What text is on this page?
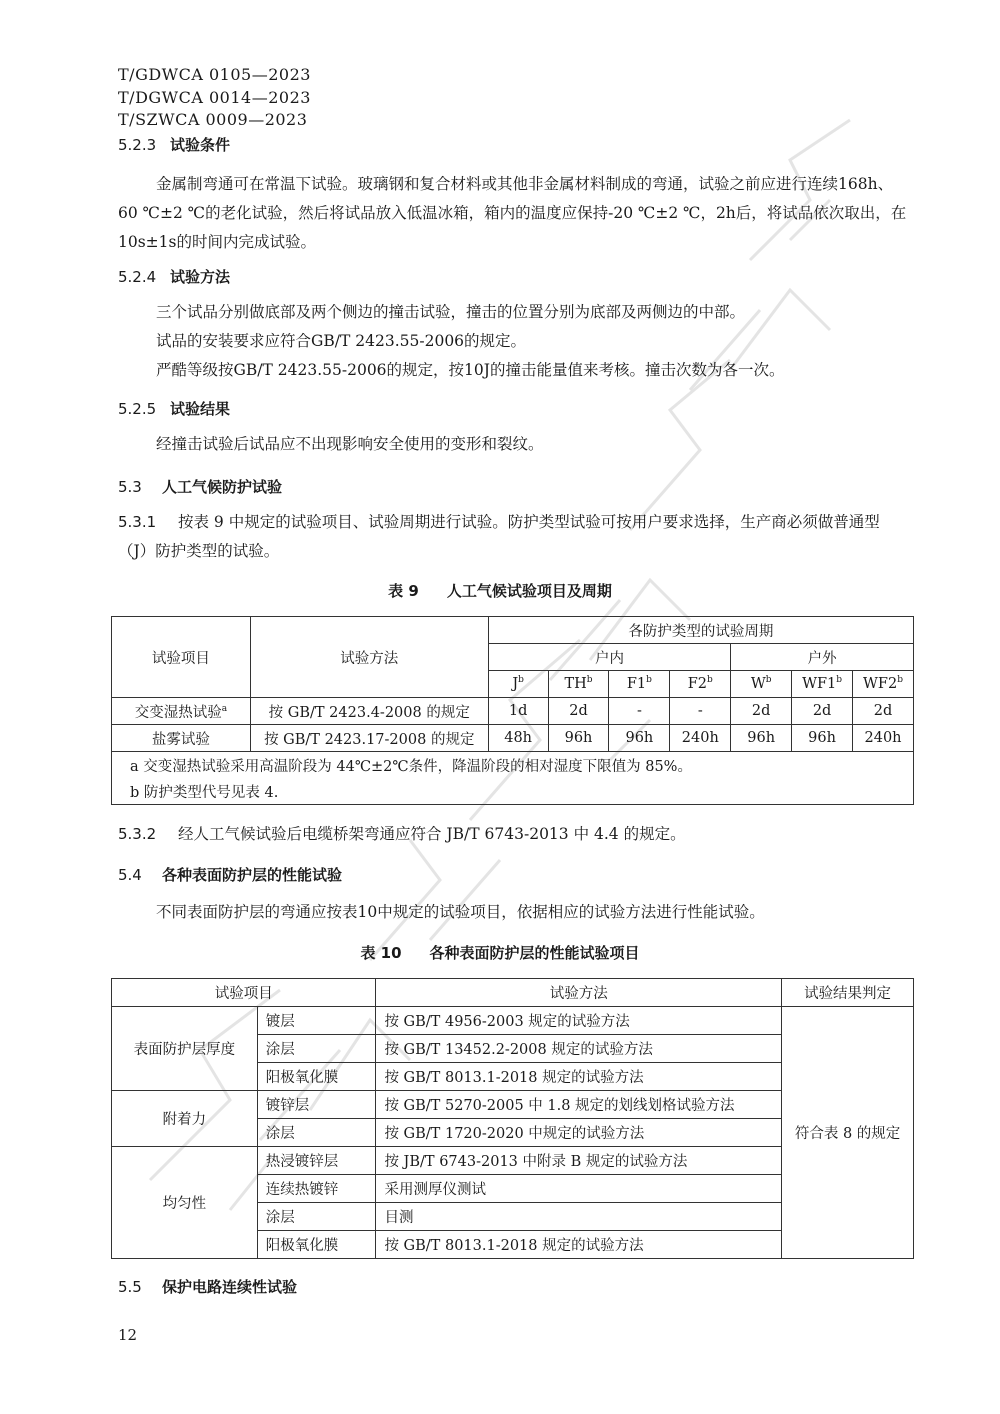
T/GDWCA 0105—2023
T/DGWCA 0014—2023
T/SZWCA 0009—2023
5.2.3 试验条件
金属制弯通可在常温下试验。玻璃钢和复合材料或其他非金属材料制成的弯通，试验之前应进行连续168h、60 ℃±2 ℃的老化试验，然后将试品放入低温冰箱，箱内的温度应保持-20 ℃±2 ℃，2h后，将试品依次取出，在10s±1s的时间内完成试验。
5.2.4 试验方法
三个试品分别做底部及两个侧边的撞击试验，撞击的位置分别为底部及两侧边的中部。
试品的安装要求应符合GB/T 2423.55-2006的规定。
严酷等级按GB/T 2423.55-2006的规定，按10J的撞击能量值来考核。撞击次数为各一次。
5.2.5 试验结果
经撞击试验后试品应不出现影响安全使用的变形和裂纹。
5.3 人工气候防护试验
5.3.1 按表 9 中规定的试验项目、试验周期进行试验。防护类型试验可按用户要求选择，生产商必须做普通型（J）防护类型的试验。
表 9 人工气候试验项目及周期
试验项目	试验方法	各防护类型的试验周期						
		户内				户外		
		$J^b$	$TH^b$	F1$^b$	F2$^b$	$W^b$	WF1$^b$	WF2$^b$
交变湿热试验$^a$	按 GB/T 2423.4-2008 的规定	1d	2d	-	-	2d	2d	2d
盐雾试验	按 GB/T 2423.17-2008 的规定	48h	96h	96h	240h	96h	96h	240h
a 交变湿热试验采用高温阶段为 44℃±2℃条件，降温阶段的相对湿度下限值为 85%。								
b 防护类型代号见表 4.								
5.3.2 经人工气候试验后电缆桥架弯通应符合 JB/T 6743-2013 中 4.4 的规定。
5.4 各种表面防护层的性能试验
不同表面防护层的弯通应按表10中规定的试验项目，依据相应的试验方法进行性能试验。
表 10 各种表面防护层的性能试验项目
试验项目		试验方法	试验结果判定
表面防护层厚度	镀层	按 GB/T 4956-2003 规定的试验方法	符合表 8 的规定
	涂层	按 GB/T 13452.2-2008 规定的试验方法	
	阳极氧化膜	按 GB/T 8013.1-2018 规定的试验方法	
附着力	镀锌层	按 GB/T 5270-2005 中 1.8 规定的划线划格试验方法	
	涂层	按 GB/T 1720-2020 中规定的试验方法	
均匀性	热浸镀锌层	按 JB/T 6743-2013 中附录 B 规定的试验方法	
	连续热镀锌	采用测厚仪测试	
	涂层	目测	
	阳极氧化膜	按 GB/T 8013.1-2018 规定的试验方法	
5.5 保护电路连续性试验
12
